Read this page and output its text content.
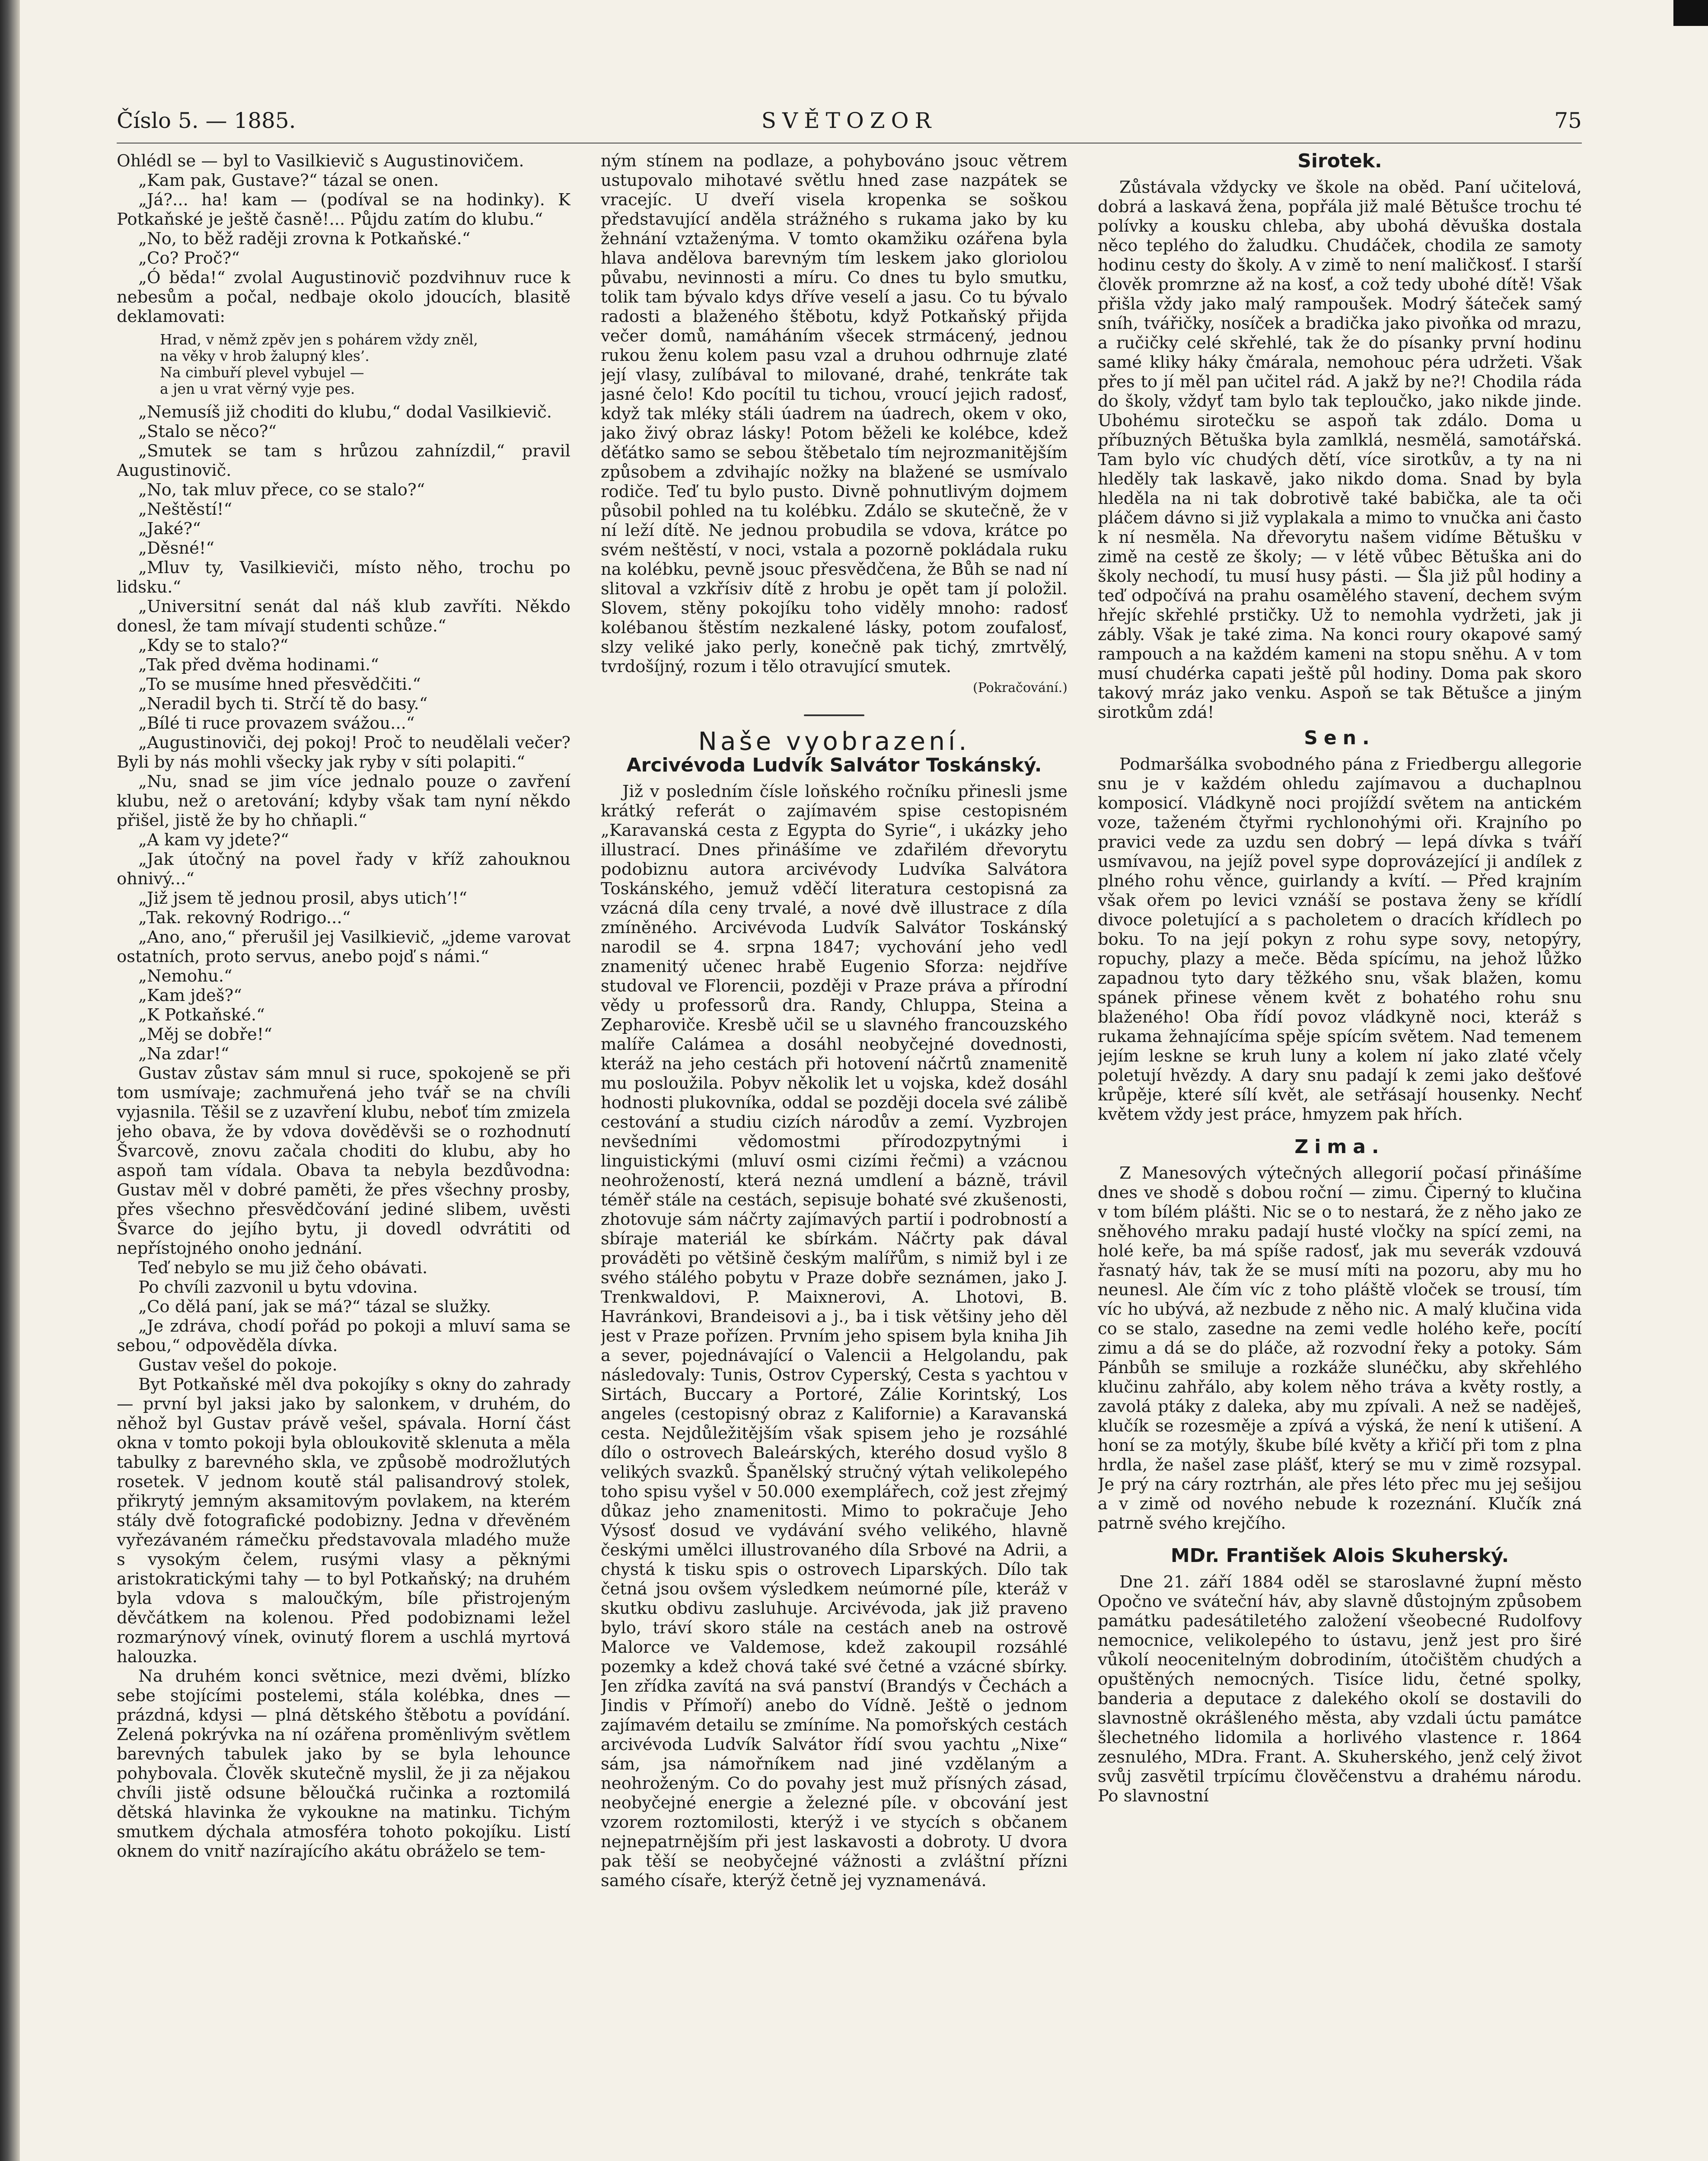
SVĚTOZOR
Číslo 5. — 1885.	75

Ohlédl se — byl to Vasilkievič s Augustinovičem.

„Kam pak, Gustave?“ tázal se onen.

„Já?... ha! kam — (podíval se na hodinky). K Potkaňské je ještě časně!... Půjdu zatím do klubu.“

„No, to běž raději zrovna k Potkaňské.“

„Co? Proč?“

„Ó běda!“ zvolal Augustinovič pozdvihnuv ruce k nebesům a počal, nedbaje okolo jdoucích, blasitě deklamovati:

Hrad, v němž zpěv jen s pohárem vždy zněl,
na věky v hrob žalupný kles’.
Na cimbuří plevel vybujel —
a jen u vrat věrný vyje pes.

„Nemusíš již choditi do klubu,“ dodal Vasilkievič.

„Stalo se něco?“

„Smutek se tam s hrůzou zahnízdil,“ pravil Augustinovič.

„No, tak mluv přece, co se stalo?“

„Neštěstí!“

„Jaké?“

„Děsné!“

„Mluv ty, Vasilkieviči, místo něho, trochu po lidsku.“

„Universitní senát dal náš klub zavříti. Někdo donesl, že tam mívají studenti schůze.“

„Kdy se to stalo?“

„Tak před dvěma hodinami.“

„To se musíme hned přesvědčiti.“

„Neradil bych ti. Strčí tě do basy.“

„Bílé ti ruce provazem svážou...“

„Augustinoviči, dej pokoj! Proč to neudělali večer? Byli by nás mohli všecky jak ryby v síti polapiti.“

„Nu, snad se jim více jednalo pouze o zavření klubu, než o aretování; kdyby však tam nyní někdo přišel, jistě že by ho chňapli.“

„A kam vy jdete?“

„Jak útočný na povel řady v kříž zahouknou ohnivý...“

„Již jsem tě jednou prosil, abys utich’!“

„Tak. rekovný Rodrigo...“

„Ano, ano,“ přerušil jej Vasilkievič, „jdeme varovat ostatních, proto servus, anebo pojď s námi.“

„Nemohu.“

„Kam jdeš?“

„K Potkaňské.“

„Měj se dobře!“

„Na zdar!“

Gustav zůstav sám mnul si ruce, spokojeně se při tom usmívaje; zachmuřená jeho tvář se na chvíli vyjasnila. Těšil se z uzavření klubu, neboť tím zmizela jeho obava, že by vdova dověděvši se o rozhodnutí Švarcově, znovu začala choditi do klubu, aby ho aspoň tam vídala. Obava ta nebyla bezdůvodna: Gustav měl v dobré paměti, že přes všechny prosby, přes všechno přesvědčování jediné slibem, uvěsti Švarce do jejího bytu, ji dovedl odvrátiti od nepřístojného onoho jednání.

Teď nebylo se mu již čeho obávati.

Po chvíli zazvonil u bytu vdovina.

„Co dělá paní, jak se má?“ tázal se služky.

„Je zdráva, chodí pořád po pokoji a mluví sama se sebou,“ odpověděla dívka.

Gustav vešel do pokoje.

Byt Potkaňské měl dva pokojíky s okny do zahrady — první byl jaksi jako by salonkem, v druhém, do něhož byl Gustav právě vešel, spávala. Horní část okna v tomto pokoji byla obloukovitě sklenuta a měla tabulky z barevného skla, ve způsobě modrožlutých rosetek. V jednom koutě stál palisandrový stolek, přikrytý jemným aksamitovým povlakem, na kterém stály dvě fotografické podobizny. Jedna v dřevěném vyřezávaném rámečku představovala mladého muže s vysokým čelem, rusými vlasy a pěknými aristokratickými tahy — to byl Potkaňský; na druhém byla vdova s maloučkým, bíle přistrojeným děvčátkem na kolenou. Před podobiznami ležel rozmarýnový vínek, ovinutý florem a uschlá myrtová halouzka.

Na druhém konci světnice, mezi dvěmi, blízko sebe stojícími postelemi, stála kolébka, dnes — prázdná, kdysi — plná dětského štěbotu a povídání. Zelená pokrývka na ní ozářena proměnlivým světlem barevných tabulek jako by se byla lehounce pohybovala. Člověk skutečně myslil, že ji za nějakou chvíli jistě odsune běloučká ručinka a roztomilá dětská hlavinka že vykoukne na matinku. Tichým smutkem dýchala atmosféra tohoto pokojíku. Listí oknem do vnitř nazírajícího akátu obráželo se tem-

ným stínem na podlaze, a pohybováno jsouc větrem ustupovalo mihotavé světlu hned zase nazpátek se vracejíc. U dveří visela kropenka se soškou představující anděla strážného s rukama jako by ku žehnání vztaženýma. V tomto okamžiku ozářena byla hlava andělova barevným tím leskem jako gloriolou půvabu, nevinnosti a míru. Co dnes tu bylo smutku, tolik tam bývalo kdys dříve veselí a jasu. Co tu bývalo radosti a blaženého štěbotu, když Potkaňský přijda večer domů, namáháním všecek strmácený, jednou rukou ženu kolem pasu vzal a druhou odhrnuje zlaté její vlasy, zulíbával to milované, drahé, tenkráte tak jasné čelo! Kdo pocítil tu tichou, vroucí jejich radosť, když tak mléky stáli úadrem na úadrech, okem v oko, jako živý obraz lásky! Potom běželi ke kolébce, kdež děťátko samo se sebou štěbetalo tím nejrozmanitějším způsobem a zdvihajíc nožky na blažené se usmívalo rodiče. Teď tu bylo pusto. Divně pohnutlivým dojmem působil pohled na tu kolébku. Zdálo se skutečně, že v ní leží dítě. Ne jednou probudila se vdova, krátce po svém neštěstí, v noci, vstala a pozorně pokládala ruku na kolébku, pevně jsouc přesvědčena, že Bůh se nad ní slitoval a vzkřísiv dítě z hrobu je opět tam jí položil. Slovem, stěny pokojíku toho viděly mnoho: radosť kolébanou štěstím nezkalené lásky, potom zoufalosť, slzy veliké jako perly, konečně pak tichý, zmrtvělý, tvrdošíjný, rozum i tělo otravující smutek.

(Pokračování.)

Naše vyobrazení.
Arcivévoda Ludvík Salvátor Toskánský.

Již v posledním čísle loňského ročníku přinesli jsme krátký referát o zajímavém spise cestopisném „Karavanská cesta z Egypta do Syrie“, i ukázky jeho illustrací. Dnes přinášíme ve zdařilém dřevorytu podobiznu autora arcivévody Ludvíka Salvátora Toskánského, jemuž vděčí literatura cestopisná za vzácná díla ceny trvalé, a nové dvě illustrace z díla zmíněného. Arcivévoda Ludvík Salvátor Toskánský narodil se 4. srpna 1847; vychování jeho vedl znamenitý učenec hrabě Eugenio Sforza: nejdříve studoval ve Florencii, později v Praze práva a přírodní vědy u professorů dra. Randy, Chluppa, Steina a Zepharoviče. Kresbě učil se u slavného francouzského malíře Calámea a dosáhl neobyčejné dovednosti, kteráž na jeho cestách při hotovení náčrtů znamenitě mu posloužila. Pobyv několik let u vojska, kdež dosáhl hodnosti plukovníka, oddal se později docela své zálibě cestování a studiu cizích národův a zemí. Vyzbrojen nevšedními vědomostmi přírodozpytnými i linguistickými (mluví osmi cizími řečmi) a vzácnou neohrožeností, která nezná umdlení a bázně, trávil téměř stále na cestách, sepisuje bohaté své zkušenosti, zhotovuje sám náčrty zajímavých partií i podrobností a sbíraje materiál ke sbírkám. Náčrty pak dával prováděti po většině českým malířům, s nimiž byl i ze svého stálého pobytu v Praze dobře seznámen, jako J. Trenkwaldovi, P. Maixnerovi, A. Lhotovi, B. Havránkovi, Brandeisovi a j., ba i tisk většiny jeho děl jest v Praze pořízen. Prvním jeho spisem byla kniha Jih a sever, pojednávající o Valencii a Helgolandu, pak následovaly: Tunis, Ostrov Cyperský, Cesta s yachtou v Sirtách, Buccary a Portoré, Zálie Korintský, Los angeles (cestopisný obraz z Kalifornie) a Karavanská cesta. Nejdůležitějším však spisem jeho je rozsáhlé dílo o ostrovech Baleárských, kteréhо dosud vyšlo 8 velikých svazků. Španělský stručný výtah velikolepého toho spisu vyšel v 50.000 exemplářech, což jest zřejmý důkaz jeho znamenitosti. Mimo to pokračuje Jeho Výsosť dosud ve vydávání svého velikého, hlavně českými umělci illustrovaného díla Srbové na Adrii, a chystá k tisku spis o ostrovech Liparských. Dílo tak četná jsou ovšem výsledkem neúmorné píle, kteráž v skutku obdivu zasluhuje. Arcivévoda, jak již praveno bylo, tráví skoro stále na cestách aneb na ostrově Malorce ve Valdemose, kdež zakoupil rozsáhlé pozemky a kdež chová také své četné a vzácné sbírky. Jen zřídka zavítá na svá panství (Brandýs v Čechách a Jindis v Přímoří) anebo do Vídně. Ještě o jednom zajímavém detailu se zmíníme. Na pomořských cestách arcivévoda Ludvík Salvátor řídí svou yachtu „Nixe“ sám, jsa námořníkem nad jiné vzdělaným a neohroženým. Co do povahy jest muž přísných zásad, neobyčejné energie a železné píle. v obcování jest vzorem roztomilosti, kterýž i ve stycích s občanem nejnepatrnějším při jest laskavosti a dobroty. U dvora pak těší se neobyčejné vážnosti a zvláštní přízni samého císaře, kterýž četně jej vyznamenává.

Sirotek.

Zůstávala vždycky ve škole na oběd. Paní učitelová, dobrá a laskavá žena, popřála již malé Bětušce trochu té polívky a kousku chleba, aby ubohá děvuška dostala něco teplého do žaludku. Chudáček, chodila ze samoty hodinu cesty do školy. A v zimě to není maličkosť. I starší člověk promrzne až na kosť, a což tedy ubohé dítě! Však přišla vždy jako malý rampoušek. Modrý šáteček samý sníh, tvářičky, nosíček a bradička jako pivoňka od mrazu, a ručičky celé skřehlé, tak že do písanky první hodinu samé kliky háky čmárala, nemohouc péra udržeti. Však přes to jí měl pan učitel rád. A jakž by ne?! Chodila ráda do školy, vždyť tam bylo tak teploučko, jako nikde jinde. Ubohému sirotečku se aspoň tak zdálo. Doma u příbuzných Bětuška byla zamlklá, nesmělá, samotářská. Tam bylo víc chudých dětí, více sirotkův, a ty na ni hleděly tak laskavě, jako nikdo doma. Snad by byla hleděla na ni tak dobrotivě také babička, ale ta oči pláčem dávno si již vyplakala a mimo to vnučka ani často k ní nesměla. Na dřevorytu našem vidíme Bětušku v zimě na cestě ze školy; — v létě vůbec Bětuška ani do školy nechodí, tu musí husy pásti. — Šla již půl hodiny a teď odpočívá na prahu osamělého stavení, dechem svým hřejíc skřehlé prstičky. Už to nemohla vydržeti, jak ji zábly. Však je také zima. Na konci roury okapové samý rampouch a na každém kameni na stopu sněhu. A v tom musí chudérka capati ještě půl hodiny. Doma pak skoro takový mráz jako venku. Aspoň se tak Bětušce a jiným sirotkům zdá!

Sen.

Podmaršálka svobodného pána z Friedbergu allegorie snu je v každém ohledu zajímavou a duchaplnou komposicí. Vládkyně noci projíždí světem na antickém voze, taženém čtyřmi rychlonohými oři. Krajního po pravici vede za uzdu sen dobrý — lepá dívka s tváří usmívavou, na jejíž povel sype doprovázející ji andílek z plného rohu věnce, guirlandy a kvítí. — Před krajním však ořem po levici vznáší se postava ženy se křídlí divoce poletující a s pacholetem o dracích křídlech po boku. To na její pokyn z rohu sype sovy, netopýry, ropuchy, plazy a meče. Běda spícímu, na jehož lůžko zapadnou tyto dary těžkého snu, však blažen, komu spánek přinese věnem květ z bohatého rohu snu blaženého! Oba řídí povoz vládkyně noci, kteráž s rukama žehnajícíma spěje spícím světem. Nad temenem jejím leskne se kruh luny a kolem ní jako zlaté včely poletují hvězdy. A dary snu padají k zemi jako dešťové krůpěje, které sílí květ, ale setřásají housenky. Nechť květem vždy jest práce, hmyzem pak hřích.

Zima.

Z Manesových výtečných allegorií počasí přinášíme dnes ve shodě s dobou roční — zimu. Čiperný to klučina v tom bílém plášti. Nic se o to nestará, že z něho jako ze sněhového mraku padají husté vločky na spící zemi, na holé keře, ba má spíše radosť, jak mu severák vzdouvá řasnatý háv, tak že se musí míti na pozoru, aby mu ho neunesl. Ale čím víc z toho pláště vloček se trousí, tím víc ho ubývá, až nezbude z něho nic. A malý klučina vida co se stalo, zasedne na zemi vedle holého keře, pocítí zimu a dá se do pláče, až rozvodní řeky a potoky. Sám Pánbůh se smiluje a rozkáže slunéčku, aby skřehlého klučinu zahřálo, aby kolem něho tráva a květy rostly, a zavolá ptáky z daleka, aby mu zpívali. A než se naděješ, klučík se rozesměje a zpívá a výská, že není k utišení. A honí se za motýly, škube bílé květy a křičí při tom z plna hrdla, že našel zase plášť, který se mu v zimě rozsypal. Je prý na cáry roztrhán, ale přes léto přec mu jej sešijou a v zimě od nového nebude k rozeznání. Klučík zná patrně svého krejčího.

MDr. František Alois Skuherský.

Dne 21. září 1884 oděl se staroslavné župní město Opočno ve sváteční háv, aby slavně důstojným způsobem památku padesátiletého založení všeobecné Rudolfovy nemocnice, velikolepého to ústavu, jenž jest pro širé vůkolí neocenitelným dobrodiním, útočištěm chudých a opuštěných nemocných. Tisíce lidu, četné spolky, banderia a deputace z dalekého okolí se dostavili do slavnostně okrášleného města, aby vzdali úctu památce šlechetného lidomila a horlivého vlastence r. 1864 zesnulého, MDra. Frant. A. Skuherského, jenž celý život svůj zasvětil trpícímu člověčenstvu a drahému národu. Po slavnostní
